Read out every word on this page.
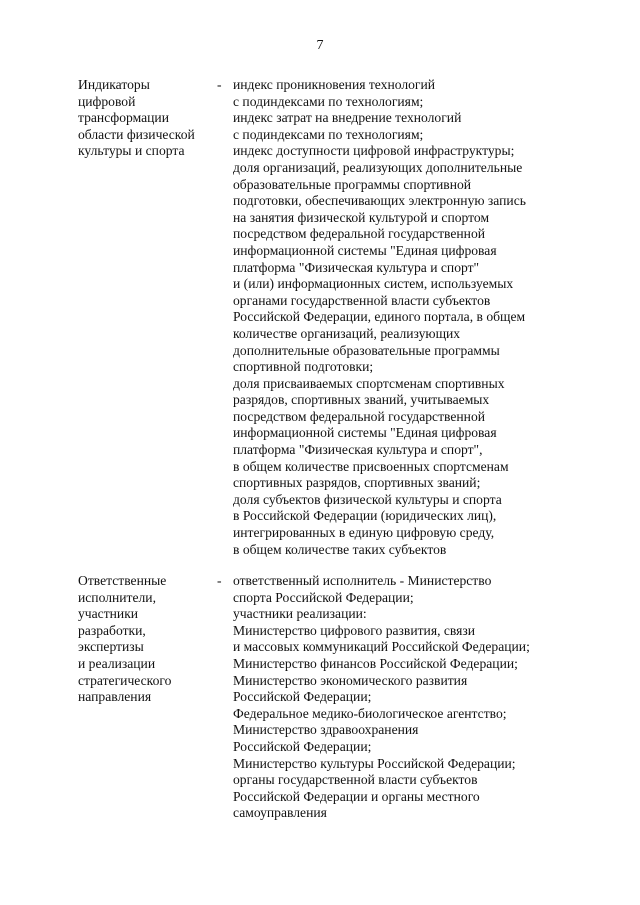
7
Индикаторы
цифровой
трансформации
области физической
культуры и спорта
- индекс проникновения технологий
с подиндексами по технологиям;
индекс затрат на внедрение технологий
с подиндексами по технологиям;
индекс доступности цифровой инфраструктуры;
доля организаций, реализующих дополнительные
образовательные программы спортивной
подготовки, обеспечивающих электронную запись
на занятия физической культурой и спортом
посредством федеральной государственной
информационной системы "Единая цифровая
платформа "Физическая культура и спорт"
и (или) информационных систем, используемых
органами государственной власти субъектов
Российской Федерации, единого портала, в общем
количестве организаций, реализующих
дополнительные образовательные программы
спортивной подготовки;
доля присваиваемых спортсменам спортивных
разрядов, спортивных званий, учитываемых
посредством федеральной государственной
информационной системы "Единая цифровая
платформа "Физическая культура и спорт",
в общем количестве присвоенных спортсменам
спортивных разрядов, спортивных званий;
доля субъектов физической культуры и спорта
в Российской Федерации (юридических лиц),
интегрированных в единую цифровую среду,
в общем количестве таких субъектов
Ответственные
исполнители,
участники
разработки,
экспертизы
и реализации
стратегического
направления
- ответственный исполнитель - Министерство
спорта Российской Федерации;
участники реализации:
Министерство цифрового развития, связи
и массовых коммуникаций Российской Федерации;
Министерство финансов Российской Федерации;
Министерство экономического развития
Российской Федерации;
Федеральное медико-биологическое агентство;
Министерство здравоохранения
Российской Федерации;
Министерство культуры Российской Федерации;
органы государственной власти субъектов
Российской Федерации и органы местного
самоуправления
